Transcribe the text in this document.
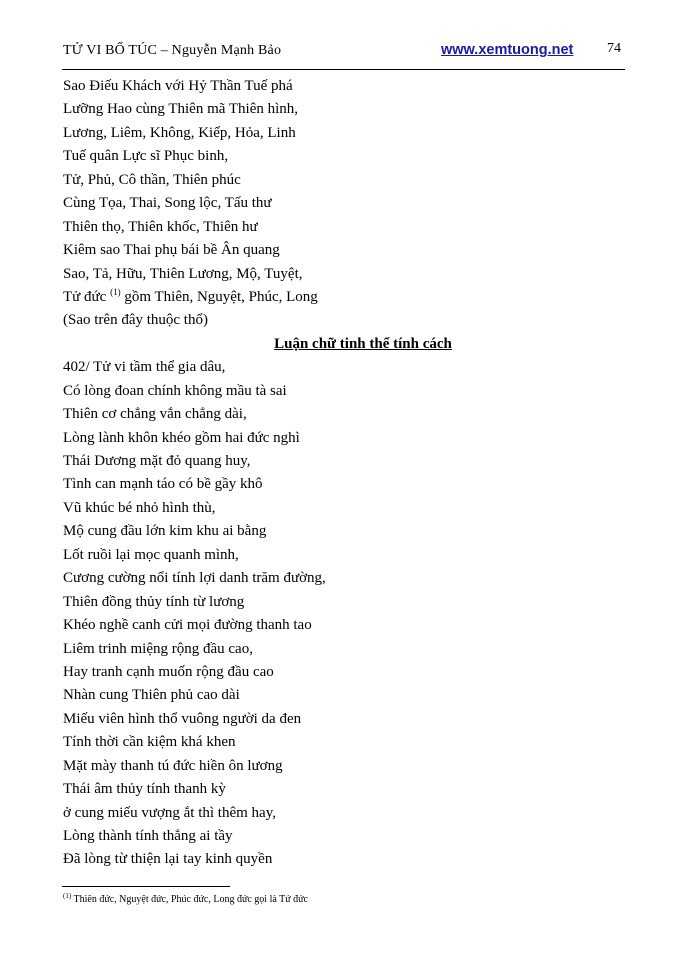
TỬ VI BỔ TÚC – Nguyễn Mạnh Bảo	www.xemtuong.net 74
Sao Điếu Khách với Hỷ Thần Tuế phá
Lưỡng Hao cùng Thiên mã Thiên hình,
Lương, Liêm, Không, Kiếp, Hỏa, Linh
Tuế quân Lực sĩ Phục binh,
Tử, Phủ, Cô thần, Thiên phúc
Cùng Tọa, Thai, Song lộc, Tấu thư
Thiên thọ, Thiên khốc, Thiên hư
Kiêm sao Thai phụ bái bề Ân quang
Sao, Tả, Hữu, Thiên Lương, Mộ, Tuyệt,
Tử đức $^{(1)}$ gồm Thiên, Nguyệt, Phúc, Long
(Sao trên đây thuộc thổ)
Luận chữ tinh thể tính cách
402/ Tử vi tầm thể gia dâu,
Có lòng đoan chính không mầu tà sai
Thiên cơ chẳng vắn chẳng dài,
Lòng lành khôn khéo gồm hai đức nghì
Thái Dương mặt đỏ quang huy,
Tình can mạnh táo có bề gầy khô
Vũ khúc bé nhỏ hình thù,
Mộ cung đầu lớn kim khu ai bằng
Lốt ruồi lại mọc quanh mình,
Cương cường nổi tính lợi danh trăm đường,
Thiên đồng thủy tính từ lương
Khéo nghề canh cửi mọi đường thanh tao
Liêm trinh miệng rộng đầu cao,
Hay tranh cạnh muốn rộng đầu cao
Nhàn cung Thiên phủ cao dài
Miếu viên hình thổ vuông người da đen
Tính thời cần kiệm khá khen
Mặt mày thanh tú đức hiền ôn lương
Thái âm thủy tính thanh kỳ
ở cung miếu vượng ắt thì thêm hay,
Lòng thành tính thẳng ai tầy
Đã lòng từ thiện lại tay kinh quyền
$^{(1)}$ Thiên đức, Nguyệt đức, Phúc đức, Long đức gọi là Tứ đức
